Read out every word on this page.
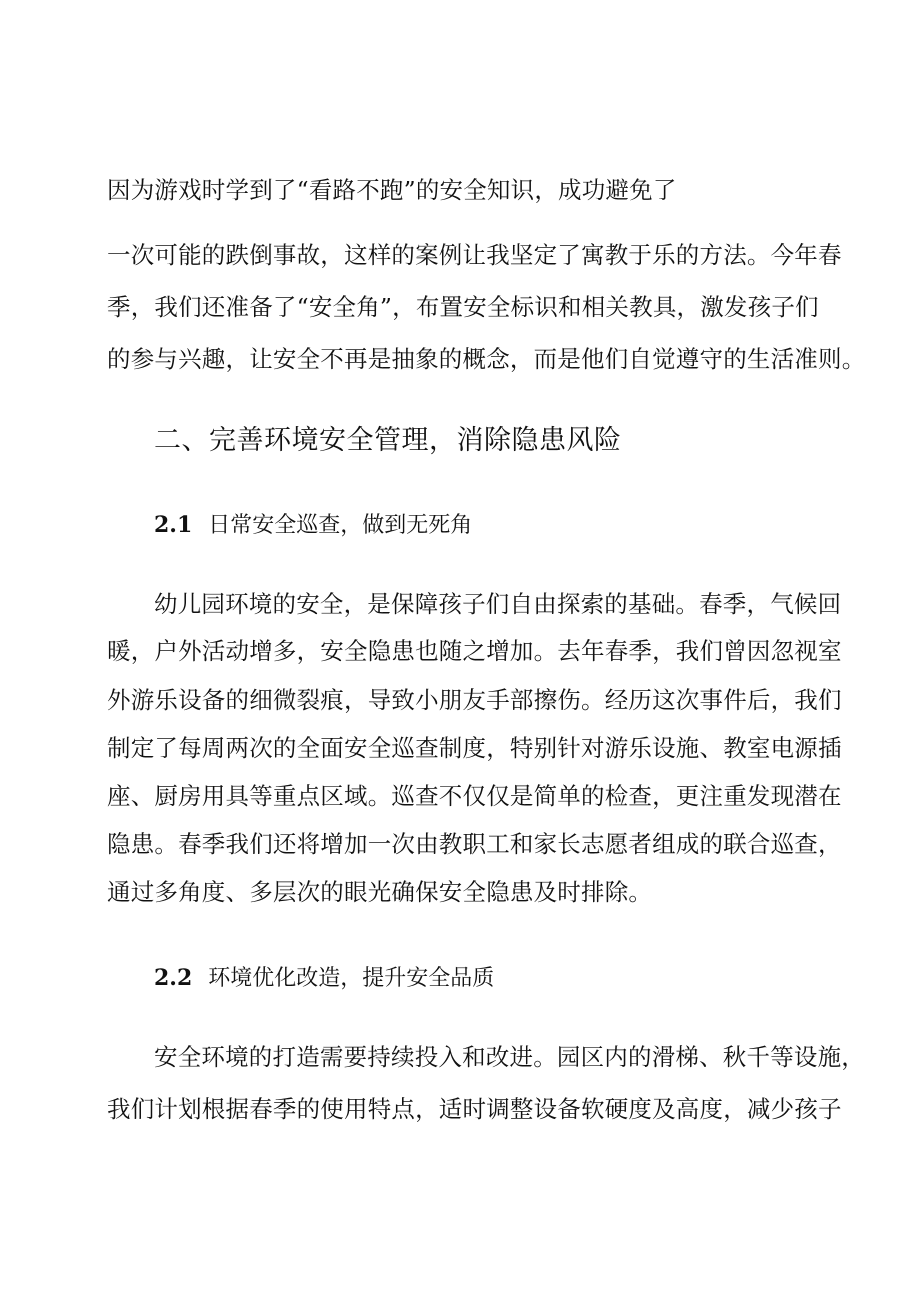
因为游戏时学到了“看路不跑”的安全知识，成功避免了
一次可能的跌倒事故，这样的案例让我坚定了寓教于乐的方法。今年春
季，我们还准备了“安全角”，布置安全标识和相关教具，激发孩子们
的参与兴趣，让安全不再是抽象的概念，而是他们自觉遵守的生活准则。
二、完善环境安全管理，消除隐患风险
2.1 日常安全巡查，做到无死角
幼儿园环境的安全，是保障孩子们自由探索的基础。春季，气候回
暖，户外活动增多，安全隐患也随之增加。去年春季，我们曾因忽视室
外游乐设备的细微裂痕，导致小朋友手部擦伤。经历这次事件后，我们
制定了每周两次的全面安全巡查制度，特别针对游乐设施、教室电源插
座、厨房用具等重点区域。巡查不仅仅是简单的检查，更注重发现潜在
隐患。春季我们还将增加一次由教职工和家长志愿者组成的联合巡查，
通过多角度、多层次的眼光确保安全隐患及时排除。
2.2 环境优化改造，提升安全品质
安全环境的打造需要持续投入和改进。园区内的滑梯、秋千等设施，
我们计划根据春季的使用特点，适时调整设备软硬度及高度，减少孩子
